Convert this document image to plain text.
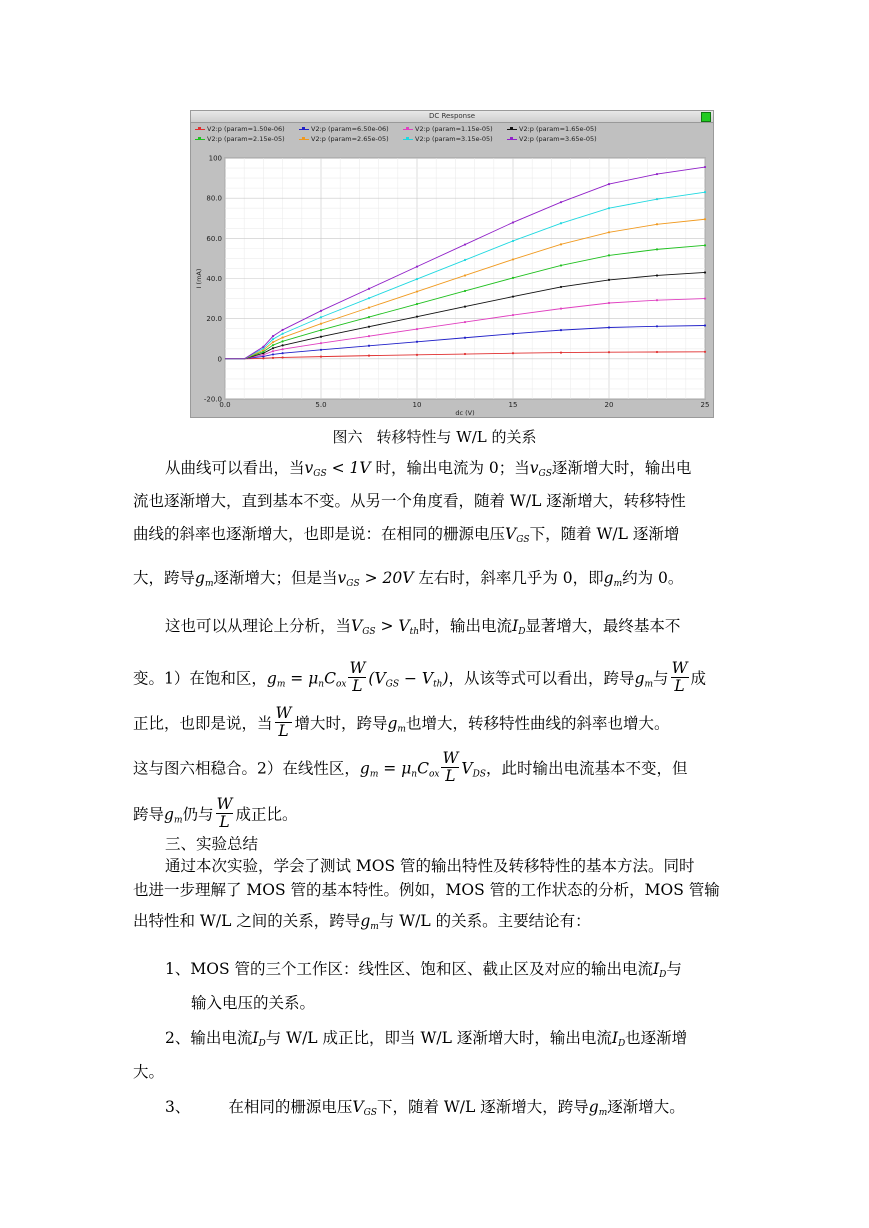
DC Response
V2:p (param=1.50e-06)	V2:p (param=6.50e-06)	V2:p (param=1.15e-05)	V2:p (param=1.65e-05)
V2:p (param=2.15e-05)	V2:p (param=2.65e-05)	V2:p (param=3.15e-05)	V2:p (param=3.65e-05)
0.0	5.0	10	15	20	25
100
80.0
60.0
40.0
20.0
0
-20.0
dc (V)
I (mA)
图六 转移特性与 W/L 的关系
从曲线可以看出，当$v_{GS} < 1V$ 时，输出电流为 0；当$v_{GS}$逐渐增大时，输出电
流也逐渐增大，直到基本不变。从另一个角度看，随着 W/L 逐渐增大，转移特性
曲线的斜率也逐渐增大，也即是说：在相同的栅源电压$V_{GS}$下，随着 W/L 逐渐增
大，跨导$g_m$逐渐增大；但是当$v_{GS} > 20V$ 左右时，斜率几乎为 0，即$g_m$约为 0。
这也可以从理论上分析，当$V_{GS} > V_{th}$时，输出电流$I_D$显著增大，最终基本不
变。1）在饱和区，$g_m = \mu_nC_{ox} \frac{W}{L} (V_{GS} - V_{th})$，从该等式可以看出，跨导$g_m$与 $\frac{W}{L}$ 成
正比，也即是说，当 $\frac{W}{L}$ 增大时，跨导$g_m$也增大，转移特性曲线的斜率也增大。
这与图六相稳合。2）在线性区，$g_m = \mu_nC_{ox} \frac{W}{L} V_{DS}$，此时输出电流基本不变，但
跨导$g_m$仍与 $\frac{W}{L}$ 成正比。
三、实验总结
通过本次实验，学会了测试 MOS 管的输出特性及转移特性的基本方法。同时
也进一步理解了 MOS 管的基本特性。例如，MOS 管的工作状态的分析，MOS 管输
出特性和 W/L 之间的关系，跨导$g_m$与 W/L 的关系。主要结论有：
1、MOS 管的三个工作区：线性区、饱和区、截止区及对应的输出电流$I_D$与
输入电压的关系。
2、输出电流$I_D$与 W/L 成正比，即当 W/L 逐渐增大时，输出电流$I_D$也逐渐增
大。
3、 在相同的栅源电压$V_{GS}$下，随着 W/L 逐渐增大，跨导$g_m$逐渐增大。
